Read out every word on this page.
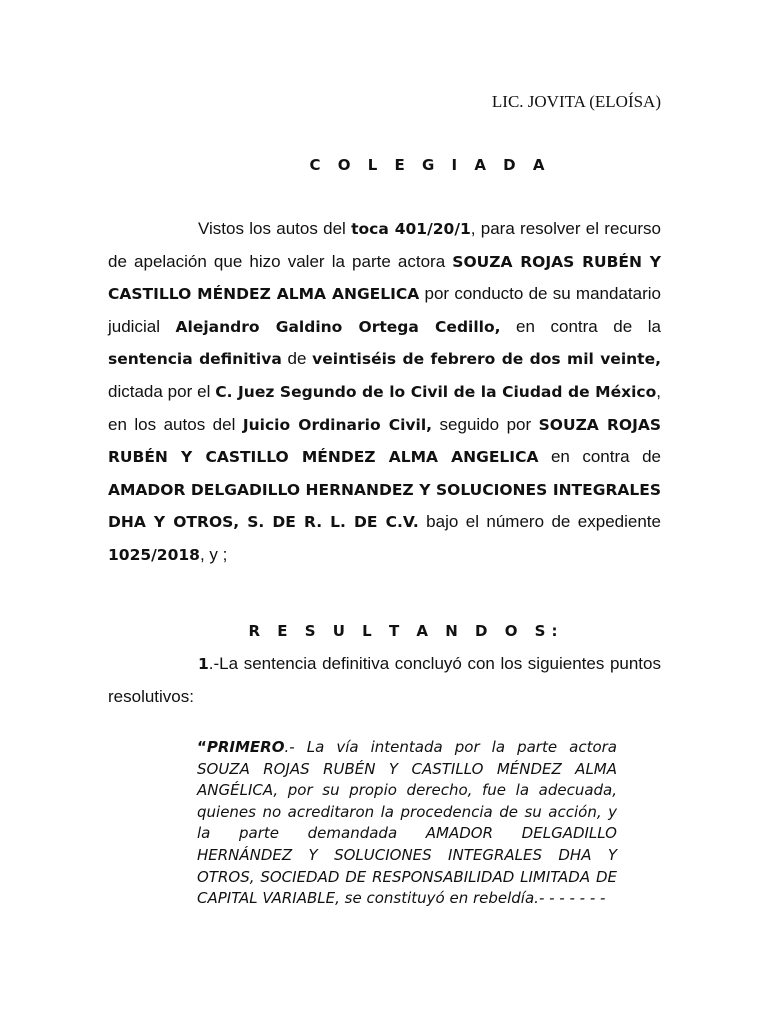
LIC. JOVITA (ELOÍSA)
C O L E G I A D A

Vistos los autos del toca 401/20/1, para resolver el recurso de apelación que hizo valer la parte actora SOUZA ROJAS RUBÉN Y CASTILLO MÉNDEZ ALMA ANGELICA por conducto de su mandatario judicial Alejandro Galdino Ortega Cedillo, en contra de la sentencia definitiva de veintiséis de febrero de dos mil veinte, dictada por el C. Juez Segundo de lo Civil de la Ciudad de México, en los autos del Juicio Ordinario Civil, seguido por SOUZA ROJAS RUBÉN Y CASTILLO MÉNDEZ ALMA ANGELICA en contra de AMADOR DELGADILLO HERNANDEZ Y SOLUCIONES INTEGRALES DHA Y OTROS, S. DE R. L. DE C.V. bajo el número de expediente 1025/2018, y ;

R E S U L T A N D O S:

1.-La sentencia definitiva concluyó con los siguientes puntos resolutivos:

“PRIMERO.- La vía intentada por la parte actora SOUZA ROJAS RUBÉN Y CASTILLO MÉNDEZ ALMA ANGÉLICA, por su propio derecho, fue la adecuada, quienes no acreditaron la procedencia de su acción, y la parte demandada AMADOR DELGADILLO HERNÁNDEZ Y SOLUCIONES INTEGRALES DHA Y OTROS, SOCIEDAD DE RESPONSABILIDAD LIMITADA DE CAPITAL VARIABLE, se constituyó en rebeldía.- - - - - - -
